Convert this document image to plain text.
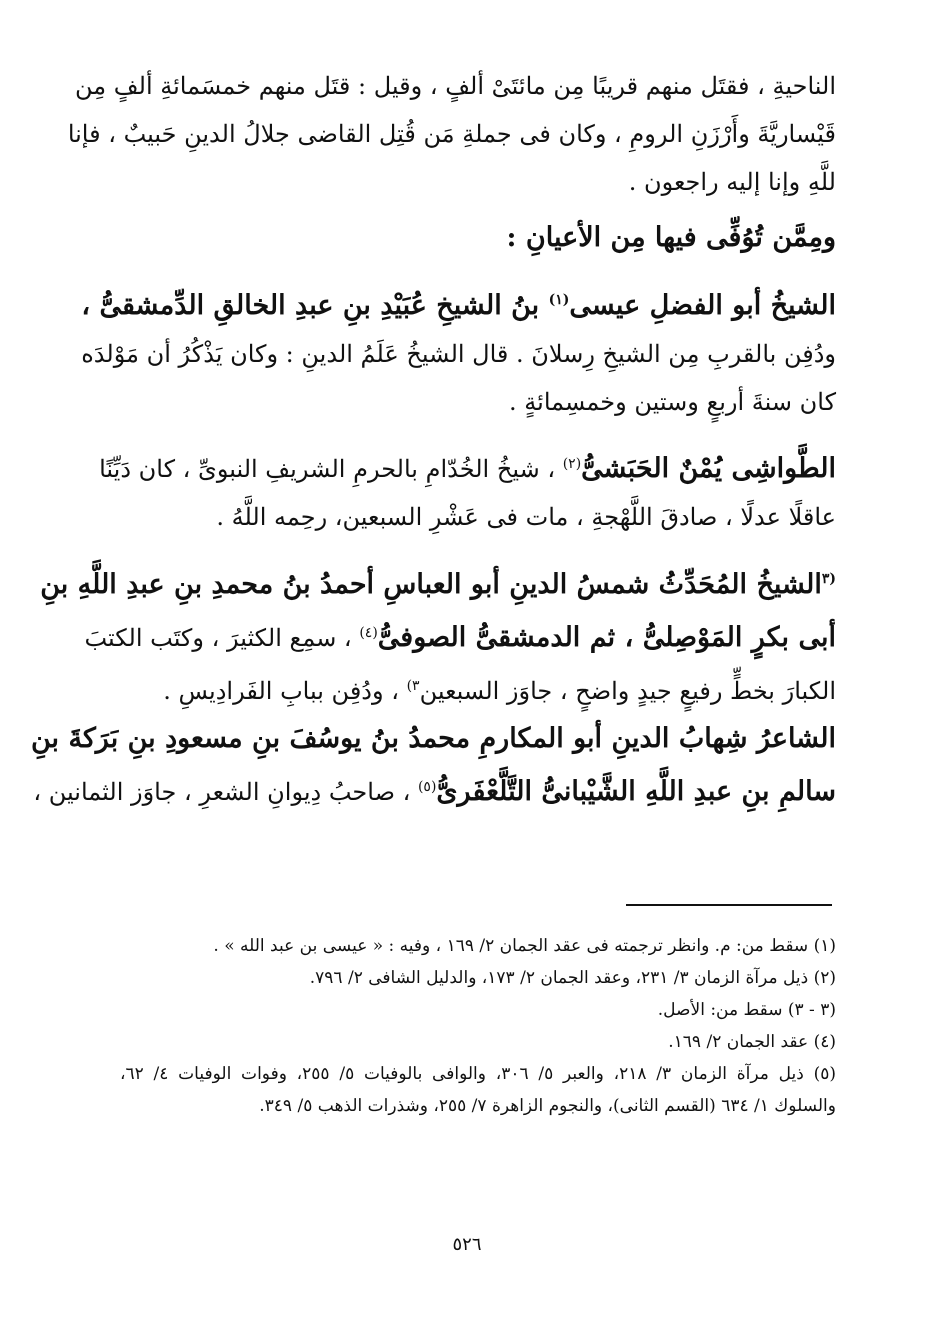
الناحيةِ ، فقتَل منهم قريبًا مِن مائتَىْ ألفٍ ، وقيل : قتَل منهم خمسَمائةِ ألفٍ مِن
قَيْساريَّةَ وأَرْزَنِ الرومِ ، وكان فى جملةِ مَن قُتِل القاضى جلالُ الدينِ حَبيبٌ ، فإنا
للَّهِ وإنا إليه راجعون .
ومِمَّن تُوُفِّى فيها مِن الأعيانِ :
الشيخُ أبو الفضلِ عيسى$^{(١)}$ بنُ الشيخِ عُبَيْدِ بنِ عبدِ الخالقِ الدِّمشقىُّ ،
ودُفِن بالقربِ مِن الشيخِ رِسلانَ . قال الشيخُ عَلَمُ الدينِ : وكان يَذْكُرُ أن مَوْلدَه
كان سنةَ أربعٍ وستين وخمسِمائةٍ .
الطَّواشِى يُمْنٌ الحَبَشىُّ$^{(٢)}$ ، شيخُ الخُدّامِ بالحرمِ الشريفِ النبوىِّ ، كان دَيِّنًا
عاقلًا عدلًا ، صادقَ اللَّهْجةِ ، مات فى عَشْرِ السبعين، رحِمه اللَّهُ .
$^{(٣}$الشيخُ المُحَدِّثُ شمسُ الدينِ أبو العباسِ أحمدُ بنُ محمدِ بنِ عبدِ اللَّهِ بنِ
أبى بكرٍ المَوْصِلىُّ ، ثم الدمشقىُّ الصوفىُّ$^{(٤)}$ ، سمِع الكثيرَ ، وكتَب الكتبَ
الكبارَ بخطٍّ رفيعٍ جيدٍ واضحٍ ، جاوَز السبعين$^{٣)}$ ، ودُفِن ببابِ الفَرادِيسِ .
الشاعرُ شِهابُ الدينِ أبو المكارمِ محمدُ بنُ يوسُفَ بنِ مسعودِ بنِ بَرَكةَ بنِ
سالمِ بنِ عبدِ اللَّهِ الشَّيْبانىُّ التَّلَّعْفَرىُّ$^{(٥)}$ ، صاحبُ دِيوانِ الشعرِ ، جاوَز الثمانين ،
(١) سقط من: م. وانظر ترجمته فى عقد الجمان ٢/ ١٦٩ ، وفيه : « عيسى بن عبد الله » .
(٢) ذيل مرآة الزمان ٣/ ٢٣١، وعقد الجمان ٢/ ١٧٣، والدليل الشافى ٢/ ٧٩٦.
(٣ - ٣) سقط من: الأصل.
(٤) عقد الجمان ٢/ ١٦٩.
(٥) ذيل مرآة الزمان ٣/ ٢١٨، والعبر ٥/ ٣٠٦، والوافى بالوفيات ٥/ ٢٥٥، وفوات الوفيات ٤/ ٦٢،
والسلوك ١/ ٦٣٤ (القسم الثانى)، والنجوم الزاهرة ٧/ ٢٥٥، وشذرات الذهب ٥/ ٣٤٩.
٥٢٦
